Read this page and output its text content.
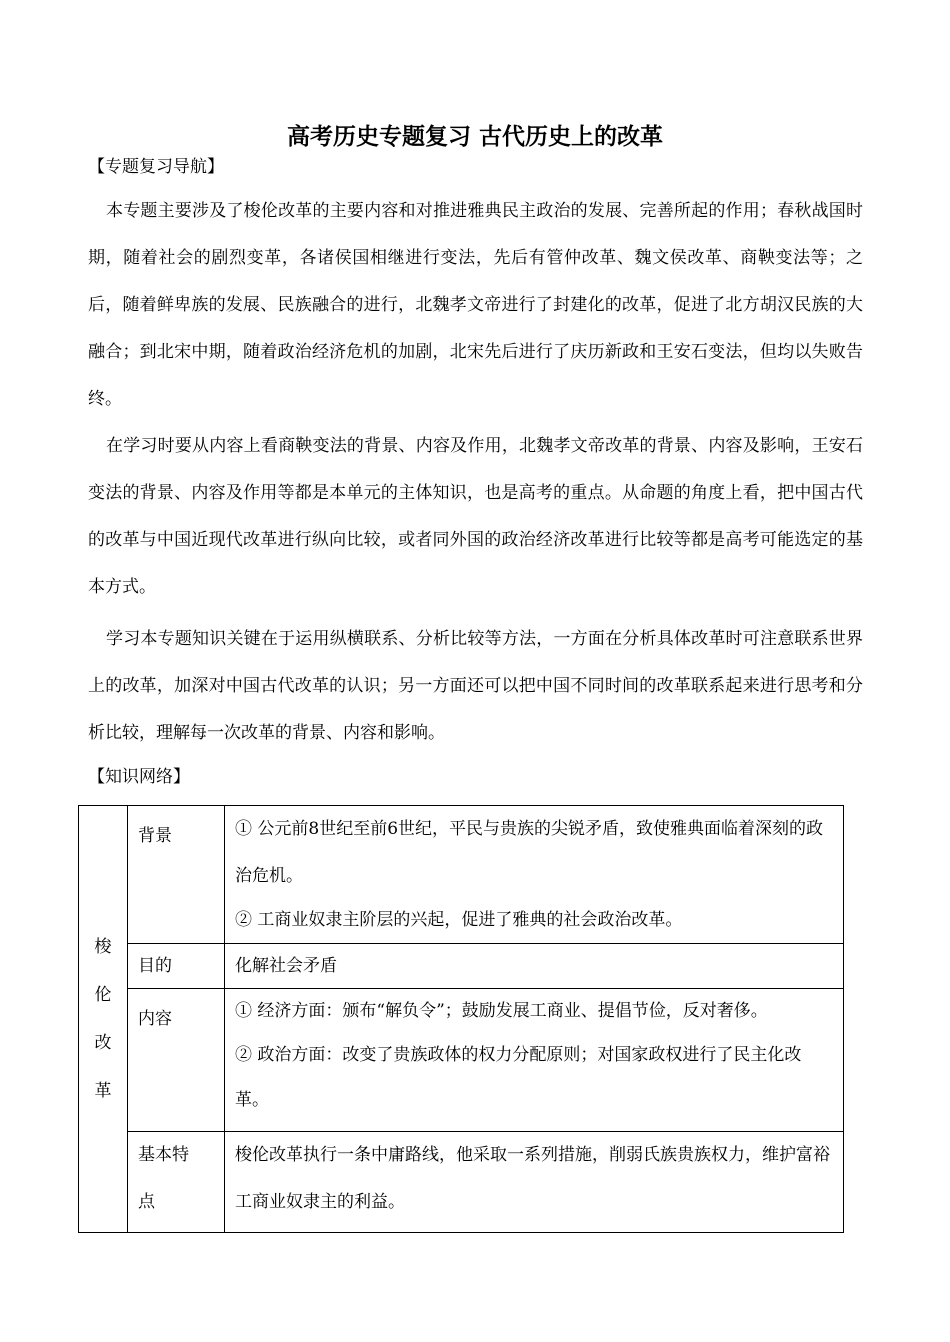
高考历史专题复习 古代历史上的改革
【专题复习导航】
本专题主要涉及了梭伦改革的主要内容和对推进雅典民主政治的发展、完善所起的作用；春秋战国时期，随着社会的剧烈变革，各诸侯国相继进行变法，先后有管仲改革、魏文侯改革、商鞅变法等；之后，随着鲜卑族的发展、民族融合的进行，北魏孝文帝进行了封建化的改革，促进了北方胡汉民族的大融合；到北宋中期，随着政治经济危机的加剧，北宋先后进行了庆历新政和王安石变法，但均以失败告终。
在学习时要从内容上看商鞅变法的背景、内容及作用，北魏孝文帝改革的背景、内容及影响，王安石变法的背景、内容及作用等都是本单元的主体知识，也是高考的重点。从命题的角度上看，把中国古代的改革与中国近现代改革进行纵向比较，或者同外国的政治经济改革进行比较等都是高考可能选定的基本方式。
学习本专题知识关键在于运用纵横联系、分析比较等方法，一方面在分析具体改革时可注意联系世界上的改革，加深对中国古代改革的认识；另一方面还可以把中国不同时间的改革联系起来进行思考和分析比较，理解每一次改革的背景、内容和影响。
【知识网络】
梭伦改革	背景	① 公元前8世纪至前6世纪，平民与贵族的尖锐矛盾，致使雅典面临着深刻的政治危机。
② 工商业奴隶主阶层的兴起，促进了雅典的社会政治改革。

	目的	化解社会矛盾

	内容	① 经济方面：颁布“解负令”；鼓励发展工商业、提倡节俭，反对奢侈。
② 政治方面：改变了贵族政体的权力分配原则；对国家政权进行了民主化改革。

	基本特点	梭伦改革执行一条中庸路线，他采取一系列措施，削弱氏族贵族权力，维护富裕工商业奴隶主的利益。
